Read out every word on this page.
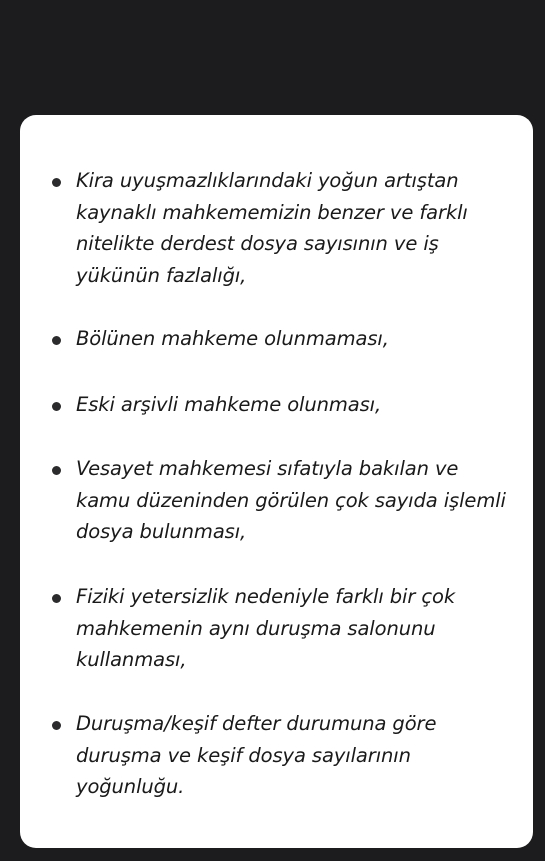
Kira uyuşmazlıklarındaki yoğun artıştan kaynaklı mahkememizin benzer ve farklı nitelikte derdest dosya sayısının ve iş yükünün fazlalığı,

Bölünen mahkeme olunmaması,

Eski arşivli mahkeme olunması,

Vesayet mahkemesi sıfatıyla bakılan ve kamu düzeninden görülen çok sayıda işlemli dosya bulunması,

Fiziki yetersizlik nedeniyle farklı bir çok mahkemenin aynı duruşma salonunu kullanması,

Duruşma/keşif defter durumuna göre duruşma ve keşif dosya sayılarının yoğunluğu.
